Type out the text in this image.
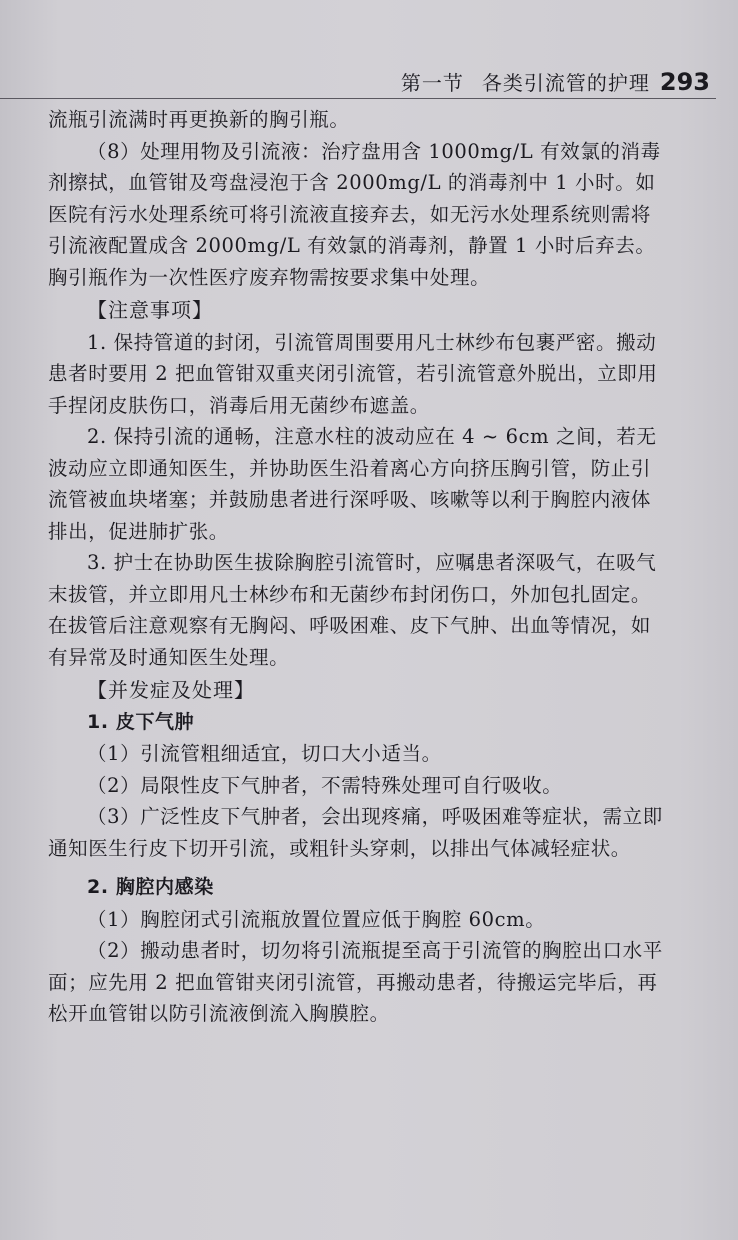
第一节 各类引流管的护理 293

流瓶引流满时再更换新的胸引瓶。

（8）处理用物及引流液：治疗盘用含 1000mg/L 有效氯的消毒剂擦拭，血管钳及弯盘浸泡于含 2000mg/L 的消毒剂中 1 小时。如医院有污水处理系统可将引流液直接弃去，如无污水处理系统则需将引流液配置成含 2000mg/L 有效氯的消毒剂，静置 1 小时后弃去。胸引瓶作为一次性医疗废弃物需按要求集中处理。

【注意事项】

1. 保持管道的封闭，引流管周围要用凡士林纱布包裹严密。搬动患者时要用 2 把血管钳双重夹闭引流管，若引流管意外脱出，立即用手捏闭皮肤伤口，消毒后用无菌纱布遮盖。

2. 保持引流的通畅，注意水柱的波动应在 4 ~ 6cm 之间，若无波动应立即通知医生，并协助医生沿着离心方向挤压胸引管，防止引流管被血块堵塞；并鼓励患者进行深呼吸、咳嗽等以利于胸腔内液体排出，促进肺扩张。

3. 护士在协助医生拔除胸腔引流管时，应嘱患者深吸气，在吸气末拔管，并立即用凡士林纱布和无菌纱布封闭伤口，外加包扎固定。在拔管后注意观察有无胸闷、呼吸困难、皮下气肿、出血等情况，如有异常及时通知医生处理。

【并发症及处理】

1. 皮下气肿

（1）引流管粗细适宜，切口大小适当。

（2）局限性皮下气肿者，不需特殊处理可自行吸收。

（3）广泛性皮下气肿者，会出现疼痛，呼吸困难等症状，需立即通知医生行皮下切开引流，或粗针头穿刺，以排出气体减轻症状。

2. 胸腔内感染

（1）胸腔闭式引流瓶放置位置应低于胸腔 60cm。

（2）搬动患者时，切勿将引流瓶提至高于引流管的胸腔出口水平面；应先用 2 把血管钳夹闭引流管，再搬动患者，待搬运完毕后，再松开血管钳以防引流液倒流入胸膜腔。
